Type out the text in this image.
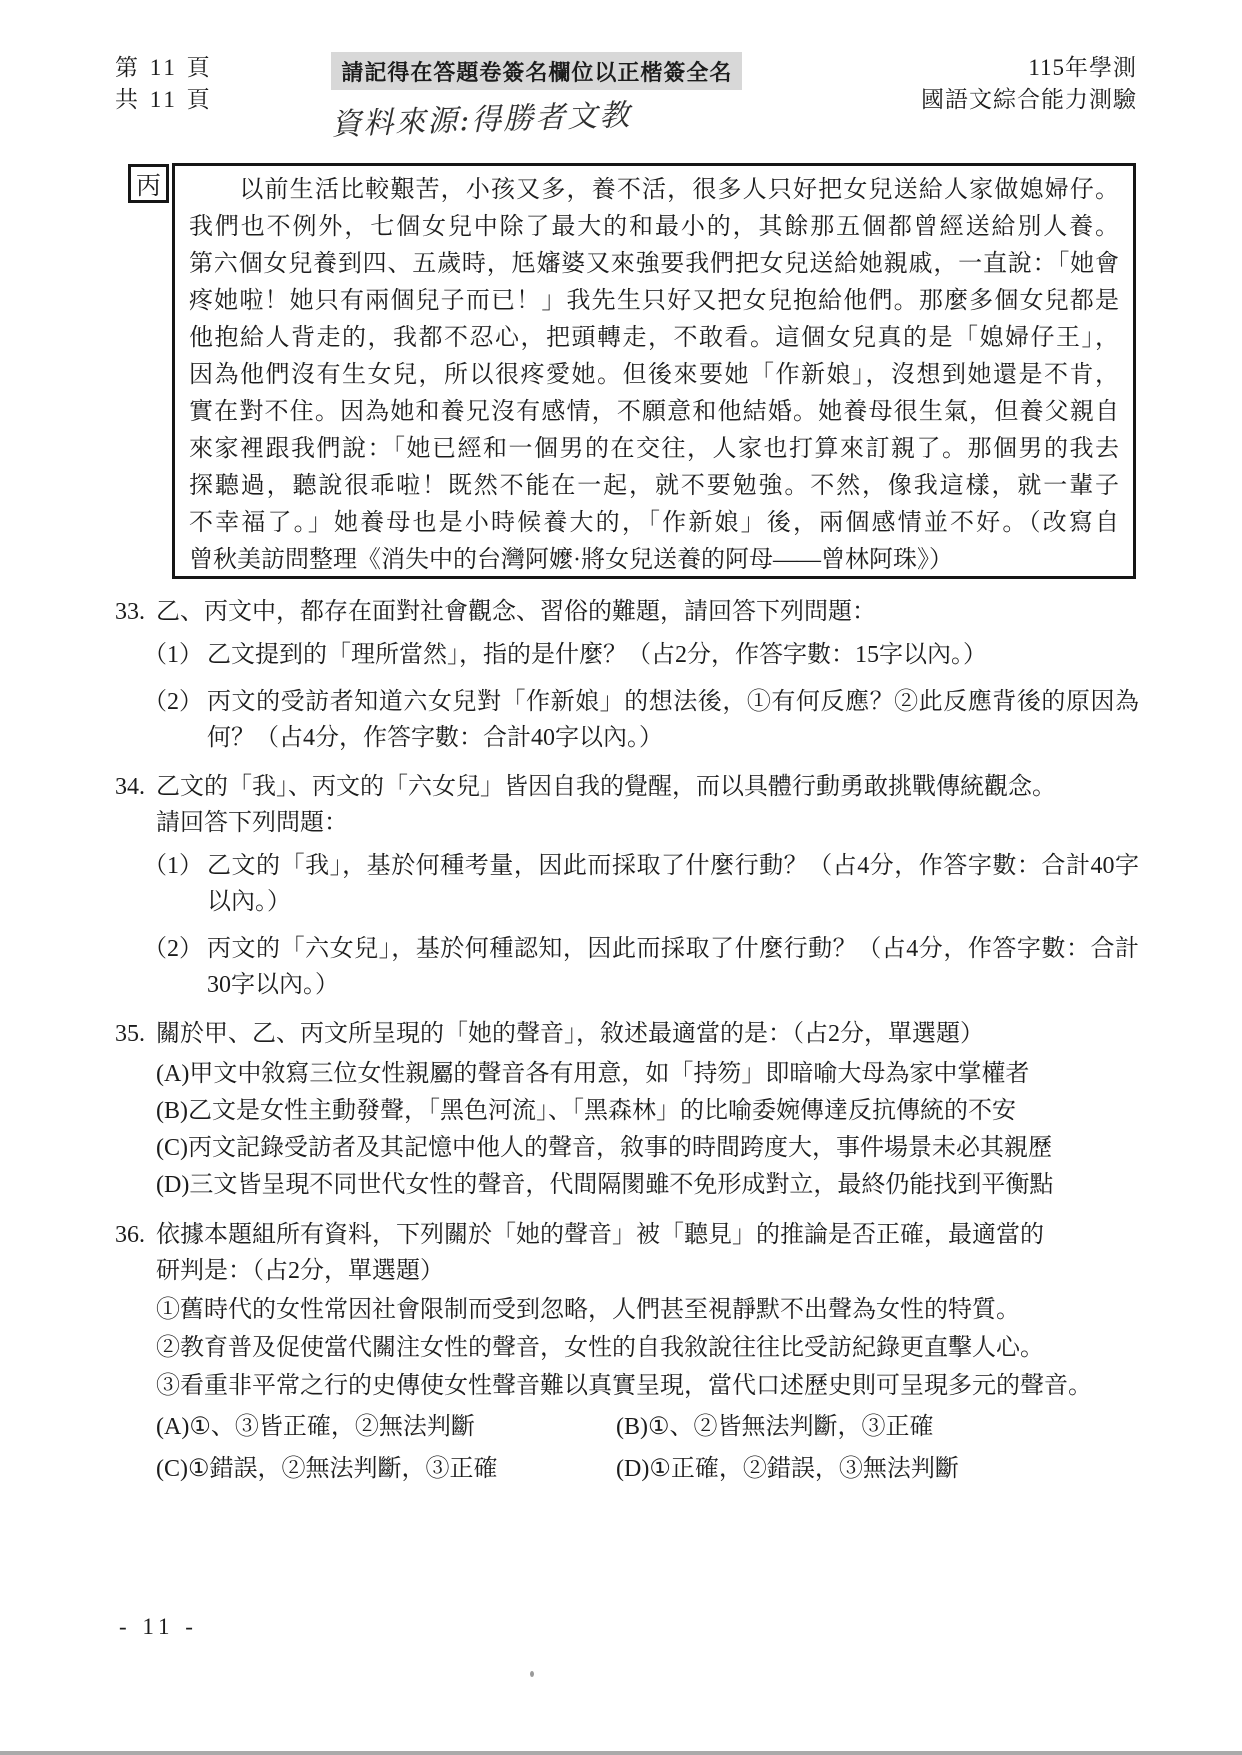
第 11 頁
共 11 頁
請記得在答題卷簽名欄位以正楷簽全名
資料來源:得勝者文教
115年學測
國語文綜合能力測驗
丙	　　以前生活比較艱苦，小孩又多，養不活，很多人只好把女兒送給人家做媳婦仔。
我們也不例外，七個女兒中除了最大的和最小的，其餘那五個都曾經送給別人養。
第六個女兒養到四、五歲時，尪嬸婆又來強要我們把女兒送給她親戚，一直說：「她會
疼她啦！她只有兩個兒子而已！」我先生只好又把女兒抱給他們。那麼多個女兒都是
他抱給人背走的，我都不忍心，把頭轉走，不敢看。這個女兒真的是「媳婦仔王」，
因為他們沒有生女兒，所以很疼愛她。但後來要她「作新娘」，沒想到她還是不肯，
實在對不住。因為她和養兄沒有感情，不願意和他結婚。她養母很生氣，但養父親自
來家裡跟我們說：「她已經和一個男的在交往，人家也打算來訂親了。那個男的我去
探聽過，聽說很乖啦！既然不能在一起，就不要勉強。不然，像我這樣，就一輩子
不幸福了。」她養母也是小時候養大的，「作新娘」後，兩個感情並不好。（改寫自
曾秋美訪問整理《消失中的台灣阿嬤·將女兒送養的阿母——曾林阿珠》）
33. 乙、丙文中，都存在面對社會觀念、習俗的難題，請回答下列問題：
（1） 乙文提到的「理所當然」，指的是什麼？（占2分，作答字數：15字以內。）
（2） 丙文的受訪者知道六女兒對「作新娘」的想法後，①有何反應？②此反應背後的原因為何？（占4分，作答字數：合計40字以內。）
34. 乙文的「我」、丙文的「六女兒」皆因自我的覺醒，而以具體行動勇敢挑戰傳統觀念。
請回答下列問題：
（1） 乙文的「我」，基於何種考量，因此而採取了什麼行動？（占4分，作答字數：合計40字以內。）
（2） 丙文的「六女兒」，基於何種認知，因此而採取了什麼行動？（占4分，作答字數：合計30字以內。）
35. 關於甲、乙、丙文所呈現的「她的聲音」，敘述最適當的是：（占2分，單選題）
(A)甲文中敘寫三位女性親屬的聲音各有用意，如「持笏」即暗喻大母為家中掌權者
(B)乙文是女性主動發聲，「黑色河流」、「黑森林」的比喻委婉傳達反抗傳統的不安
(C)丙文記錄受訪者及其記憶中他人的聲音，敘事的時間跨度大，事件場景未必其親歷
(D)三文皆呈現不同世代女性的聲音，代間隔閡雖不免形成對立，最終仍能找到平衡點
36. 依據本題組所有資料，下列關於「她的聲音」被「聽見」的推論是否正確，最適當的
研判是：（占2分，單選題）
①舊時代的女性常因社會限制而受到忽略，人們甚至視靜默不出聲為女性的特質。
②教育普及促使當代關注女性的聲音，女性的自我敘說往往比受訪紀錄更直擊人心。
③看重非平常之行的史傳使女性聲音難以真實呈現，當代口述歷史則可呈現多元的聲音。
(A)①、③皆正確，②無法判斷	(B)①、②皆無法判斷，③正確
(C)①錯誤，②無法判斷，③正確	(D)①正確，②錯誤，③無法判斷
- 11 -
